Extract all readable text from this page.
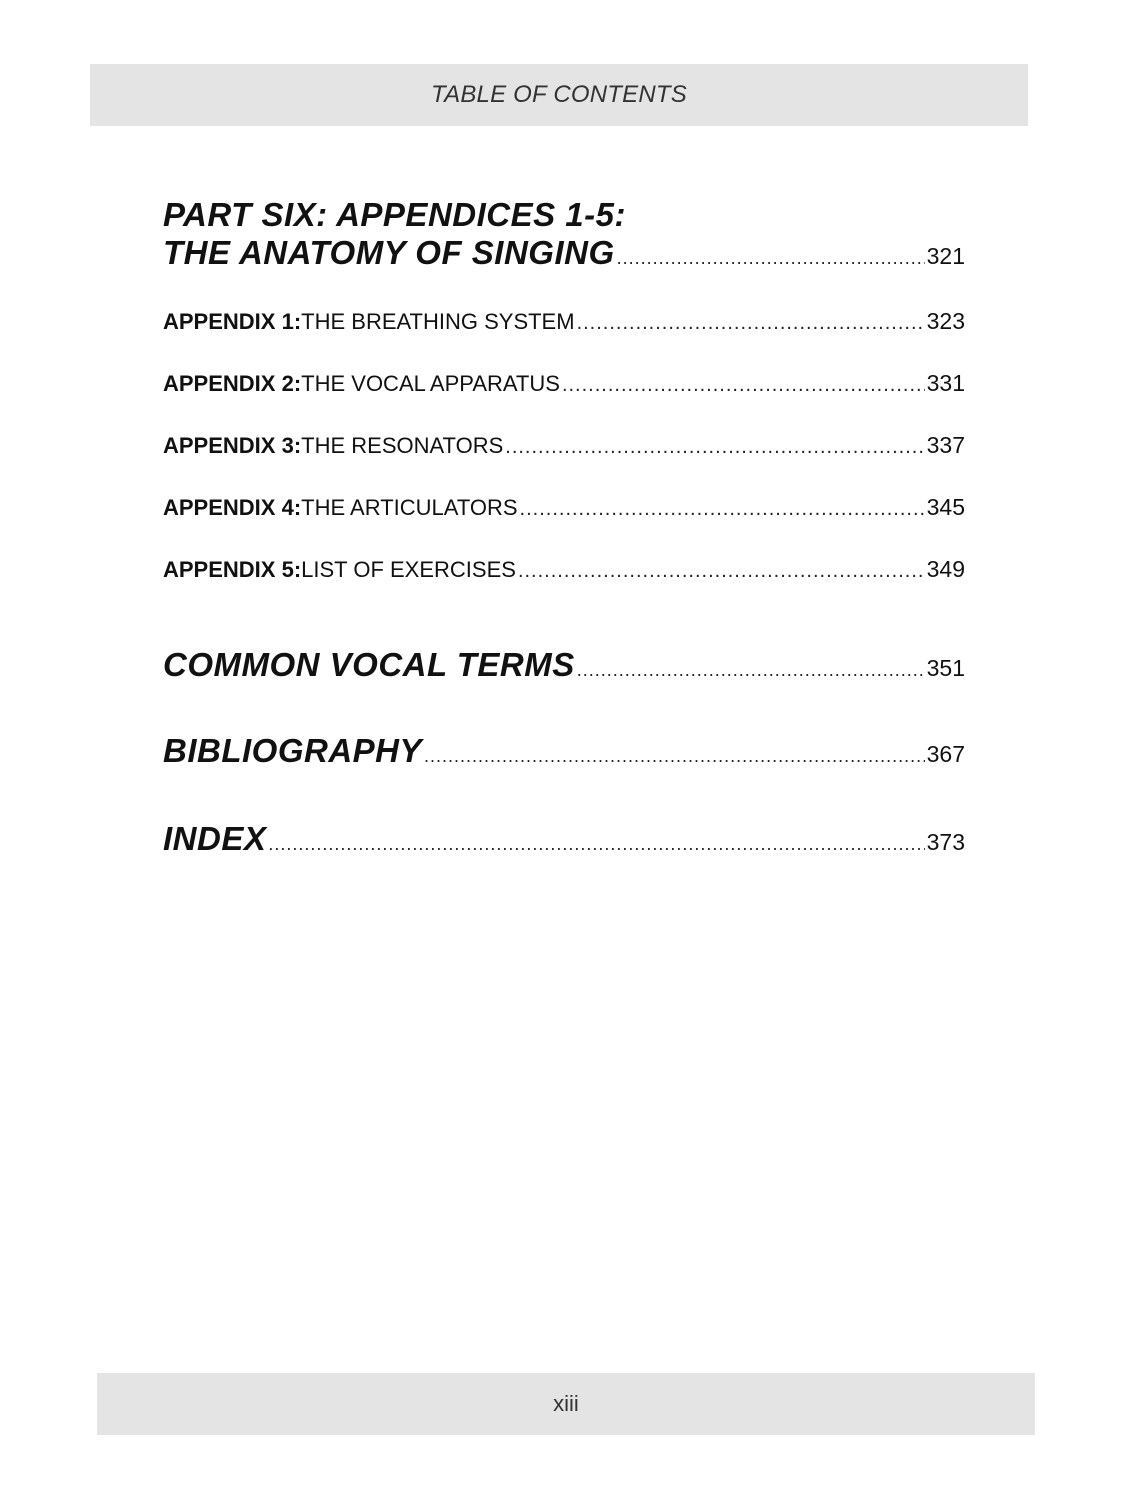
TABLE OF CONTENTS
PART SIX: APPENDICES 1-5:
THE ANATOMY OF SINGING .....	321
APPENDIX 1: THE BREATHING SYSTEM .....	323
APPENDIX 2: THE VOCAL APPARATUS .....	331
APPENDIX 3: THE RESONATORS .....	337
APPENDIX 4: THE ARTICULATORS .....	345
APPENDIX 5: LIST OF EXERCISES .....	349
COMMON VOCAL TERMS .....	351
BIBLIOGRAPHY .....	367
INDEX .....	373
xiii
